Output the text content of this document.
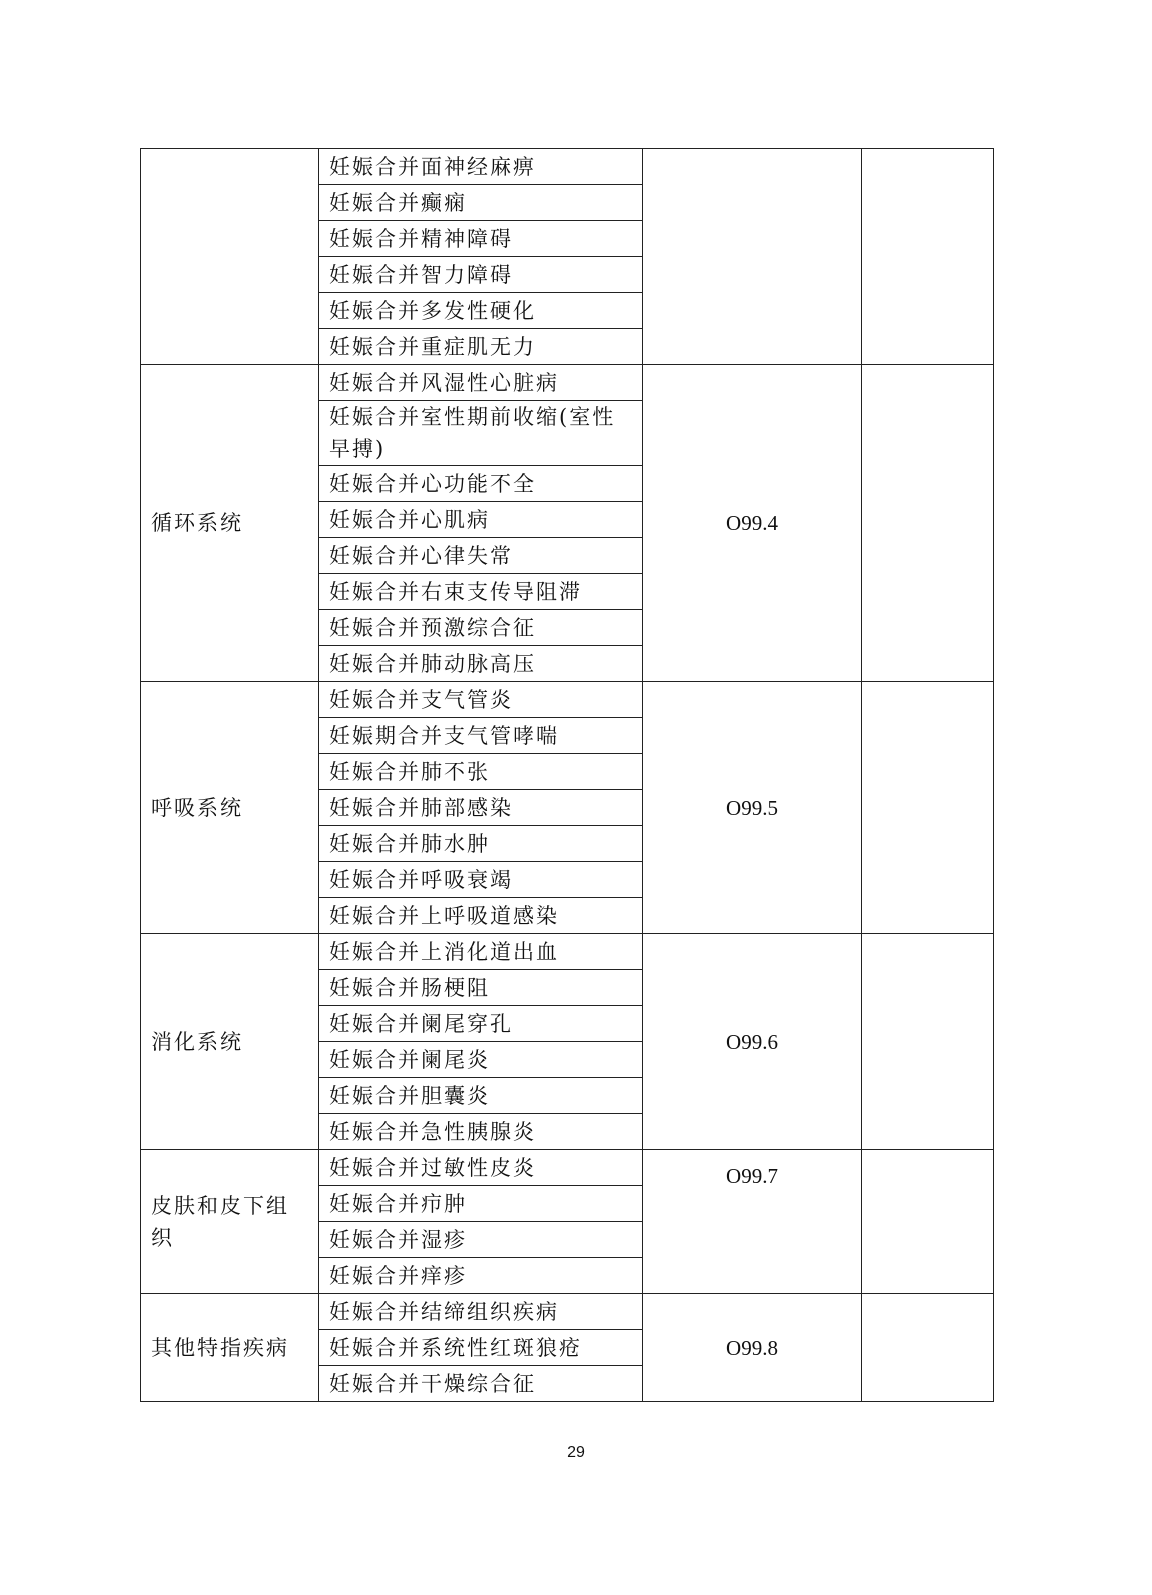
	妊娠合并面神经麻痹		
	妊娠合并癫痫		
	妊娠合并精神障碍		
	妊娠合并智力障碍		
	妊娠合并多发性硬化		
	妊娠合并重症肌无力		
循环系统	妊娠合并风湿性心脏病	O99.4	
	妊娠合并室性期前收缩(室性早搏)		
	妊娠合并心功能不全		
	妊娠合并心肌病		
	妊娠合并心律失常		
	妊娠合并右束支传导阻滞		
	妊娠合并预激综合征		
	妊娠合并肺动脉高压		
呼吸系统	妊娠合并支气管炎	O99.5	
	妊娠期合并支气管哮喘		
	妊娠合并肺不张		
	妊娠合并肺部感染		
	妊娠合并肺水肿		
	妊娠合并呼吸衰竭		
	妊娠合并上呼吸道感染		
消化系统	妊娠合并上消化道出血	O99.6	
	妊娠合并肠梗阻		
	妊娠合并阑尾穿孔		
	妊娠合并阑尾炎		
	妊娠合并胆囊炎		
	妊娠合并急性胰腺炎		
皮肤和皮下组织	妊娠合并过敏性皮炎	O99.7	
	妊娠合并疖肿		
	妊娠合并湿疹		
	妊娠合并痒疹		
其他特指疾病	妊娠合并结缔组织疾病	O99.8	
	妊娠合并系统性红斑狼疮		
	妊娠合并干燥综合征		
29
